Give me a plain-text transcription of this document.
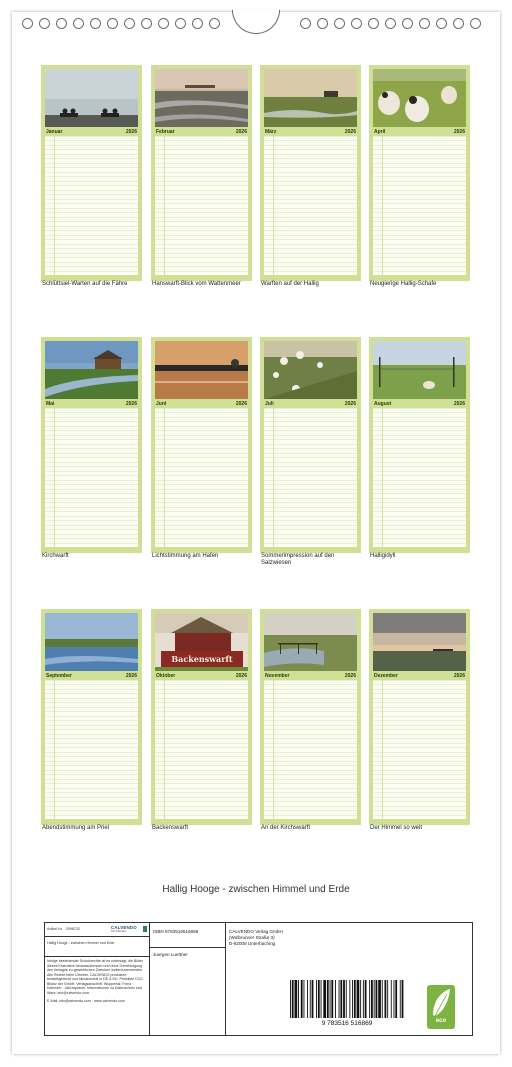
Januar	2026
Schlüttsiel-Warten auf die Fähre
Februar	2026
Hanswarft-Blick vom Wattenmeer
März	2026
Warften auf der Hallig
April	2026
Neugierige Hallig-Schafe
Mai	2026
Kirchwarft
Juni	2026
Lichtstimmung am Hafen
Juli	2026
Sommerimpression auf den Salzwiesen
August	2026
Halligidyll
September	2026
Abendstimmung am Priel
Backenswarft
Oktober	2026
Backenswarft
November	2026
An der Kirchswarft
Dezember	2026
Der Himmel so weit
Hallig Hooge - zwischen Himmel und Erde
Artikel-Nr. 2096732	CALVENDO
Der Kalender
Hallig Hooge - zwischen Himmel und Erde
Infolge bestehender Schutzrechte ist es untersagt, die Bilder dieses Kalenders herauszutrennen und ohne Genehmigung des Verlages zu gewerblichen Zwecken weiterzuverwenden. Alle Rechte beim Urheber. CALVENDO produziert bedarfsgerecht und klimaneutral in DE & EU. Preisliste CO2-Bilanz der GmbH. Verlagsanschrift: Wuppertal, Fotos · Kalender · Jahresplaner. Informationen zu Datenschutz und Ware: info@calvendo.com
E-Mail: info@calvendo.com · www.calvendo.com
ISBN 9783516516869
Juergen Luettner
CALVENDO Verlag GmbH
(Wolbrunner Straße 3)
D-82008 Unterhaching
9 783516 516869	eco
